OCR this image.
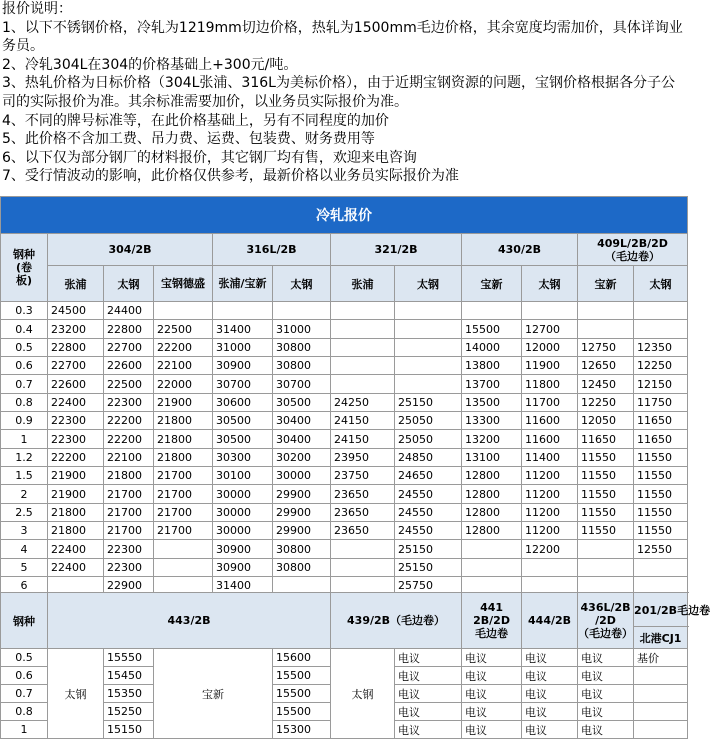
报价说明：
1、以下不锈钢价格，冷轧为1219mm切边价格，热轧为1500mm毛边价格，其余宽度均需加价，具体详询业务员。
2、冷轧304L在304的价格基础上+300元/吨。
3、热轧价格为日标价格（304L张浦、316L为美标价格），由于近期宝钢资源的问题，宝钢价格根据各分子公司的实际报价为准。其余标准需要加价，以业务员实际报价为准。
4、不同的牌号标准等，在此价格基础上，另有不同程度的加价
5、此价格不含加工费、吊力费、运费、包装费、财务费用等
6、以下仅为部分钢厂的材料报价，其它钢厂均有售，欢迎来电咨询
7、受行情波动的影响，此价格仅供参考，最新价格以业务员实际报价为准
冷轧报价											
钢种
(卷
板)	304/2B			316L/2B		321/2B		430/2B		409L/2B/2D
（毛边卷）	
	张浦	太钢	宝钢德盛	张浦/宝新	太钢	张浦	太钢	宝新	太钢	宝新	太钢
0.3	24500	24400									
0.4	23200	22800	22500	31400	31000			15500	12700		
0.5	22800	22700	22200	31000	30800			14000	12000	12750	12350
0.6	22700	22600	22100	30900	30800			13800	11900	12650	12250
0.7	22600	22500	22000	30700	30700			13700	11800	12450	12150
0.8	22400	22300	21900	30600	30500	24250	25150	13500	11700	12250	11750
0.9	22300	22200	21800	30500	30400	24150	25050	13300	11600	12050	11650
1	22300	22200	21800	30500	30400	24150	25050	13200	11600	11650	11650
1.2	22200	22100	21800	30300	30200	23950	24850	13100	11400	11550	11550
1.5	21900	21800	21700	30100	30000	23750	24650	12800	11200	11550	11550
2	21900	21700	21700	30000	29900	23650	24550	12800	11200	11550	11550
2.5	21800	21700	21700	30000	29900	23650	24550	12800	11200	11550	11550
3	21800	21700	21700	30000	29900	23650	24550	12800	11200	11550	11550
4	22400	22300		30900	30800		25150		12200		12550
5	22400	22300		30900	30800		25150				
6		22900		31400			25750				
钢种	443/2B				439/2B（毛边卷）		441
2B/2D
毛边卷	444/2B	436L/2B
/2D
（毛边卷）	201/2B毛边卷	
										北港CJ1	
0.5	太钢	15550	宝新	15600	太钢	电议	电议	电议	电议	基价	
0.6		15450		15500		电议	电议	电议	电议		
0.7		15350		15500		电议	电议	电议	电议		
0.8		15250		15500		电议	电议	电议	电议		
1		15150		15300		电议	电议	电议	电议		
